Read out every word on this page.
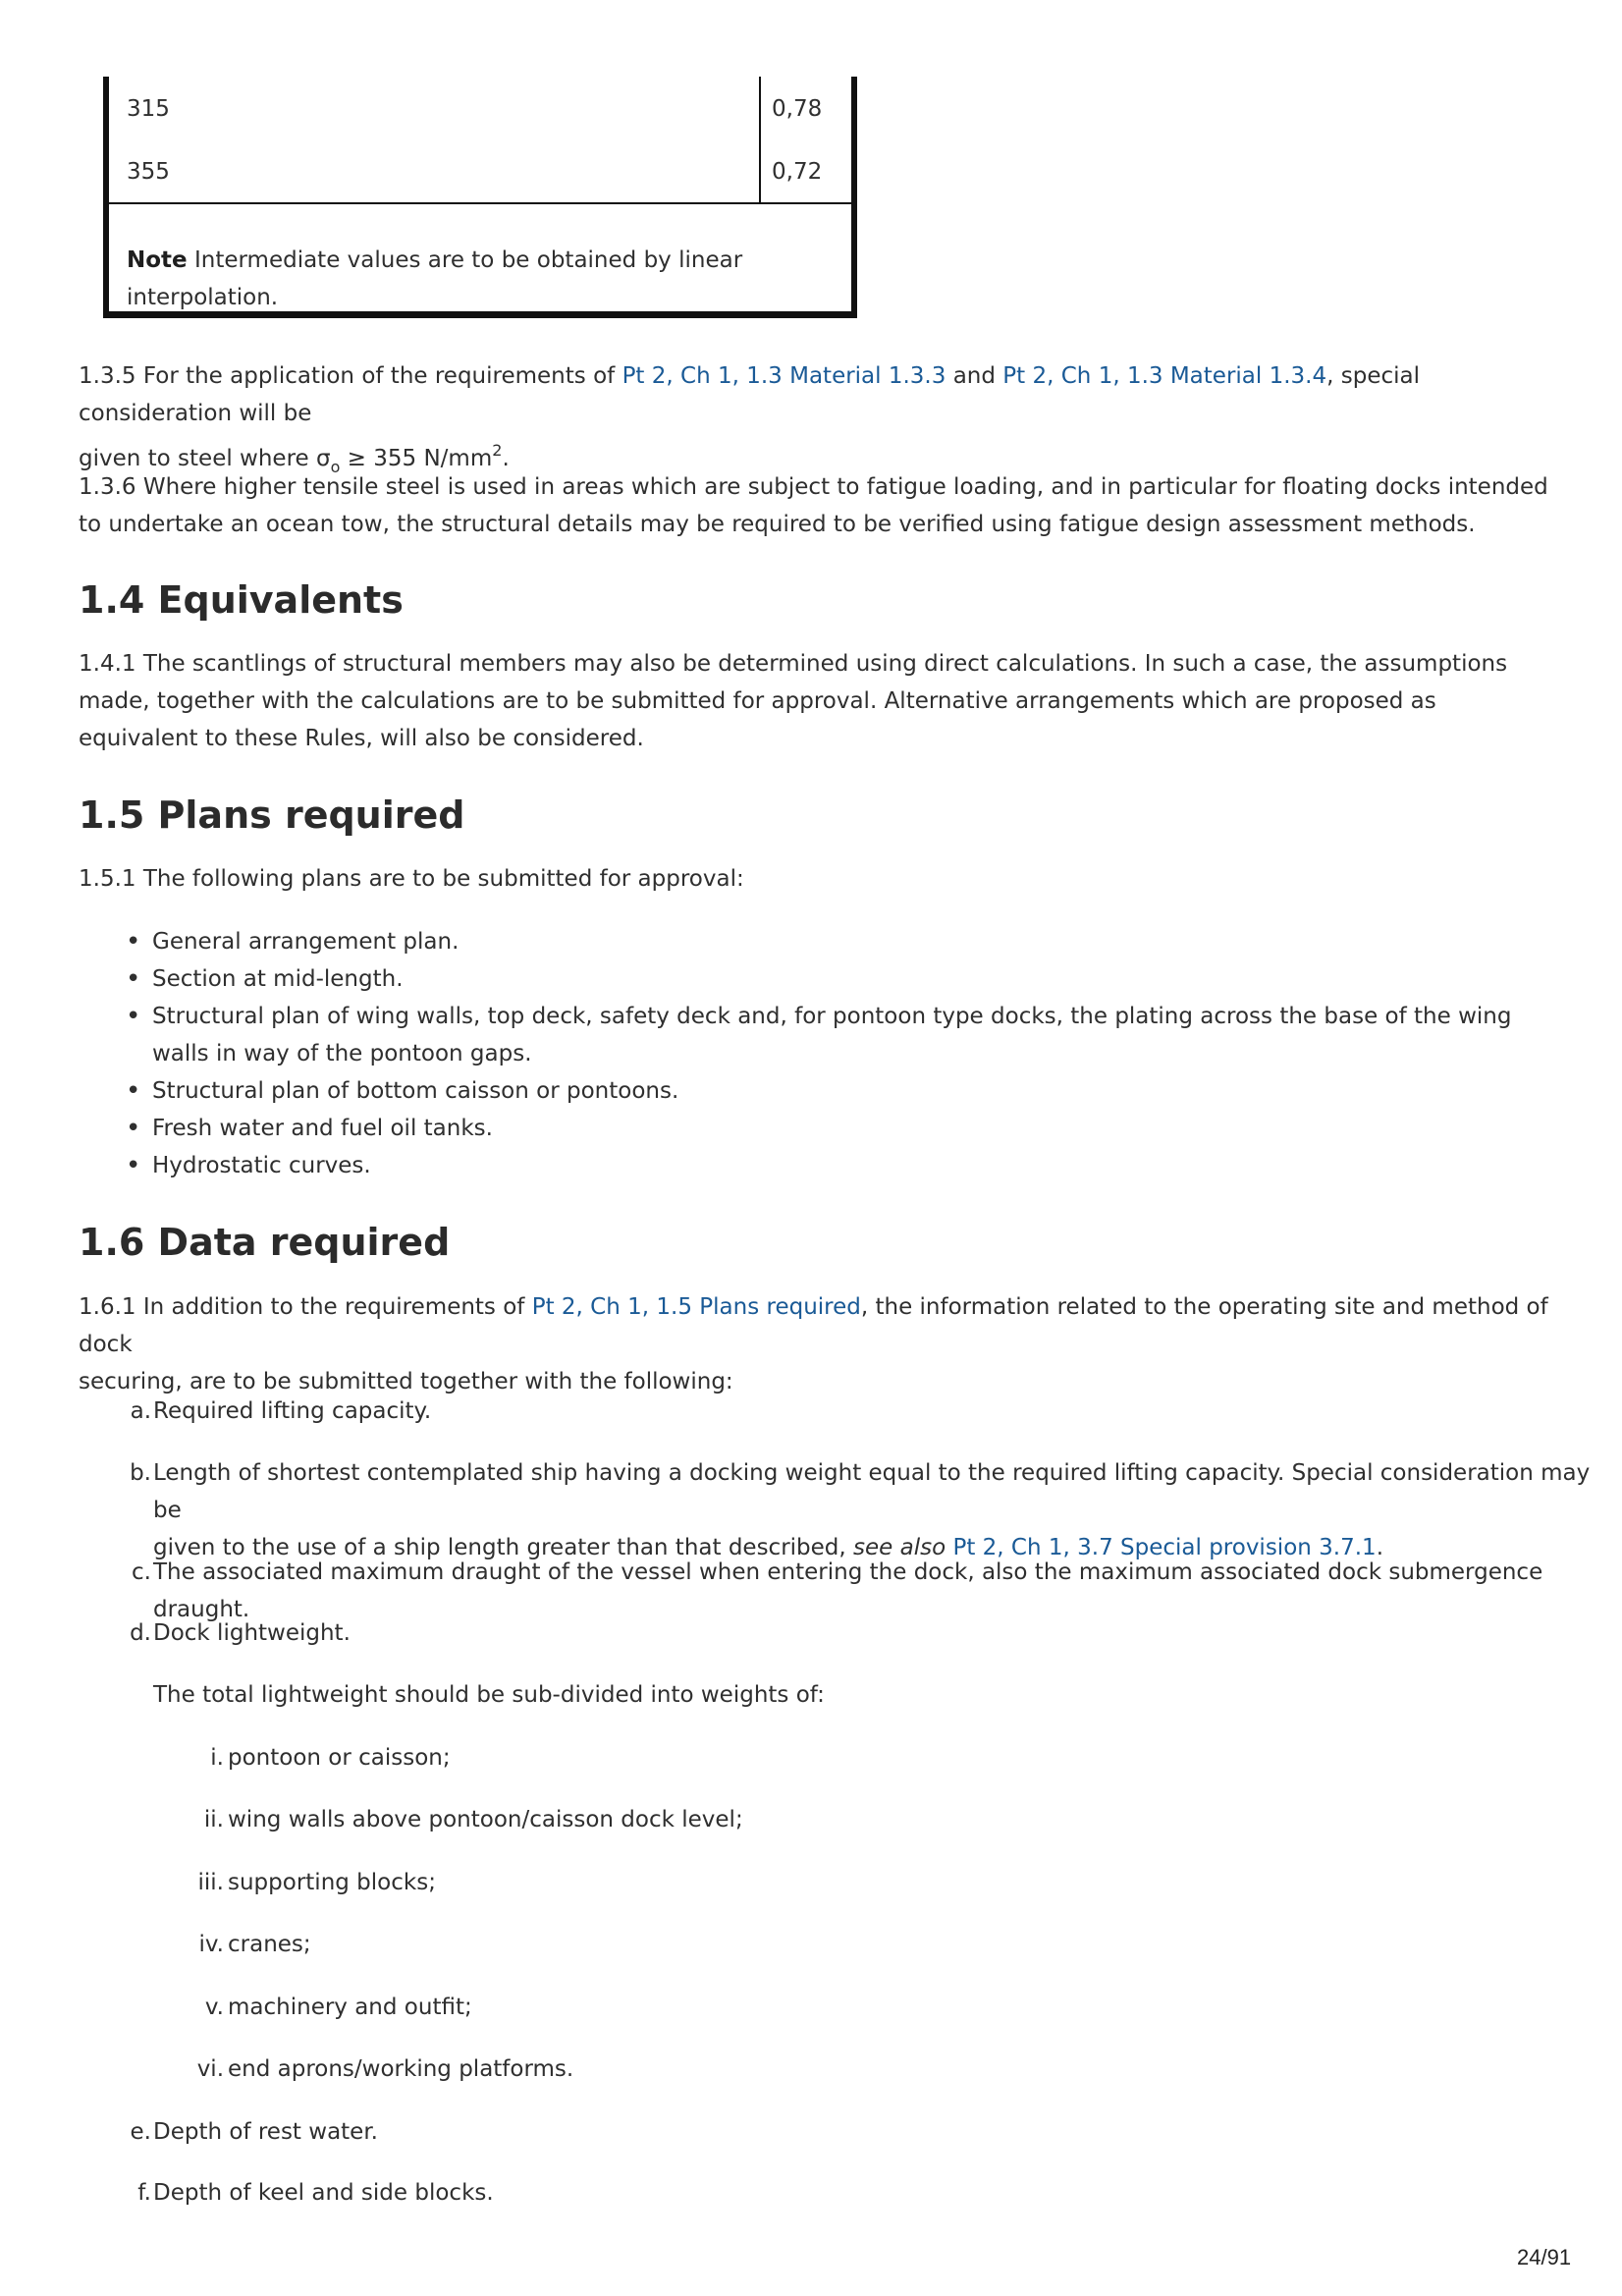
315	0,78
355	0,72
Note Intermediate values are to be obtained by linear interpolation.

1.3.5 For the application of the requirements of Pt 2, Ch 1, 1.3 Material 1.3.3 and Pt 2, Ch 1, 1.3 Material 1.3.4, special consideration will be
given to steel where $\sigma_o \ge 355$ $N/mm^2$.

1.3.6 Where higher tensile steel is used in areas which are subject to fatigue loading, and in particular for floating docks intended to undertake an ocean tow, the structural details may be required to be verified using fatigue design assessment methods.

1.4 Equivalents

1.4.1 The scantlings of structural members may also be determined using direct calculations. In such a case, the assumptions made, together with the calculations are to be submitted for approval. Alternative arrangements which are proposed as equivalent to these Rules, will also be considered.

1.5 Plans required

1.5.1 The following plans are to be submitted for approval:

• General arrangement plan.
• Section at mid-length.
• Structural plan of wing walls, top deck, safety deck and, for pontoon type docks, the plating across the base of the wing walls in way of the pontoon gaps.
• Structural plan of bottom caisson or pontoons.
• Fresh water and fuel oil tanks.
• Hydrostatic curves.
1.6 Data required

1.6.1 In addition to the requirements of Pt 2, Ch 1, 1.5 Plans required, the information related to the operating site and method of dock
securing, are to be submitted together with the following:

a. Required lifting capacity.
b. Length of shortest contemplated ship having a docking weight equal to the required lifting capacity. Special consideration may be
given to the use of a ship length greater than that described, see also Pt 2, Ch 1, 3.7 Special provision 3.7.1.
c. The associated maximum draught of the vessel when entering the dock, also the maximum associated dock submergence draught.
d. Dock lightweight.
The total lightweight should be sub-divided into weights of:
i. pontoon or caisson;
ii. wing walls above pontoon/caisson dock level;
iii. supporting blocks;
iv. cranes;
v. machinery and outfit;
vi. end aprons/working platforms.
e. Depth of rest water.
f. Depth of keel and side blocks.
24/91
